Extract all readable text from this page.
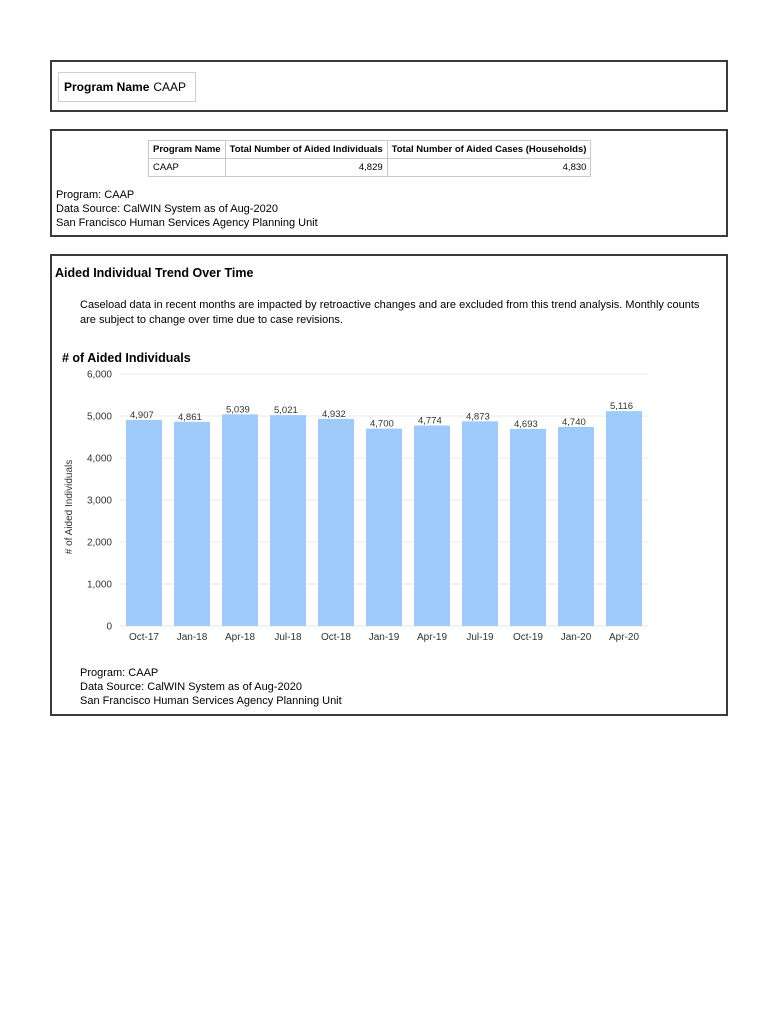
Program Name CAAP
Program Name	Total Number of Aided Individuals	Total Number of Aided Cases (Households)
CAAP	4,829	4,830
Program: CAAP
Data Source: CalWIN System as of Aug-2020
San Francisco Human Services Agency Planning Unit
Aided Individual Trend Over Time
Caseload data in recent months are impacted by retroactive changes and are excluded from this trend analysis. Monthly counts are subject to change over time due to case revisions.
# of Aided Individuals
# of Aided Individuals
0
1,000
2,000
3,000
4,000
5,000
6,000
4,907
Oct-17
4,861
Jan-18
5,039
Apr-18
5,021
Jul-18
4,932
Oct-18
4,700
Jan-19
4,774
Apr-19
4,873
Jul-19
4,693
Oct-19
4,740
Jan-20
5,116
Apr-20
Program: CAAP
Data Source: CalWIN System as of Aug-2020
San Francisco Human Services Agency Planning Unit
